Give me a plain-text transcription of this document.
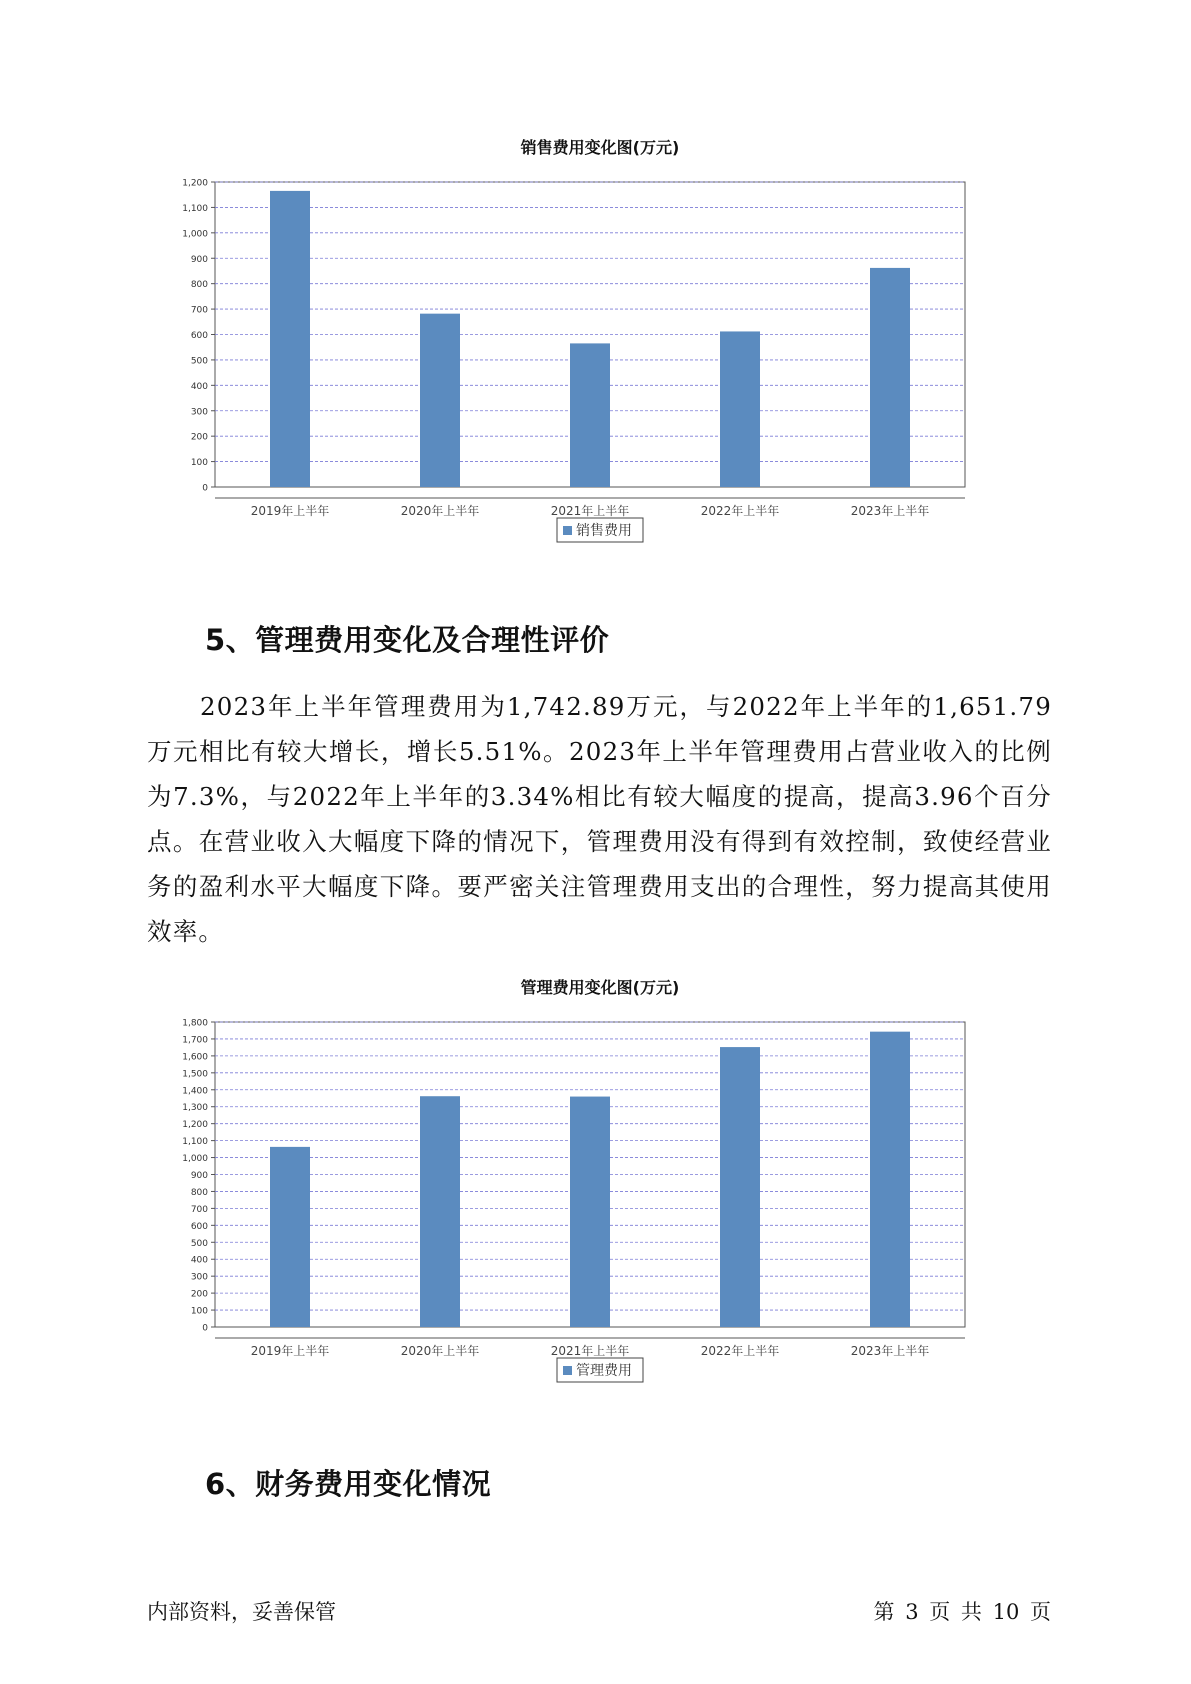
销售费用变化图(万元)
0
100
200
300
400
500
600
700
800
900
1,000
1,100
1,200
2019年上半年	2020年上半年	2021年上半年	2022年上半年	2023年上半年
销售费用
5、管理费用变化及合理性评价

2023年上半年管理费用为1,742.89万元，与2022年上半年的1,651.79万元相比有较大增长，增长5.51%。2023年上半年管理费用占营业收入的比例为7.3%，与2022年上半年的3.34%相比有较大幅度的提高，提高3.96个百分点。在营业收入大幅度下降的情况下，管理费用没有得到有效控制，致使经营业务的盈利水平大幅度下降。要严密关注管理费用支出的合理性，努力提高其使用效率。

管理费用变化图(万元)
0
100
200
300
400
500
600
700
800
900
1,000
1,100
1,200
1,300
1,400
1,500
1,600
1,700
1,800
2019年上半年	2020年上半年	2021年上半年	2022年上半年	2023年上半年
管理费用
6、财务费用变化情况
内部资料，妥善保管	第 3 页 共 10 页
